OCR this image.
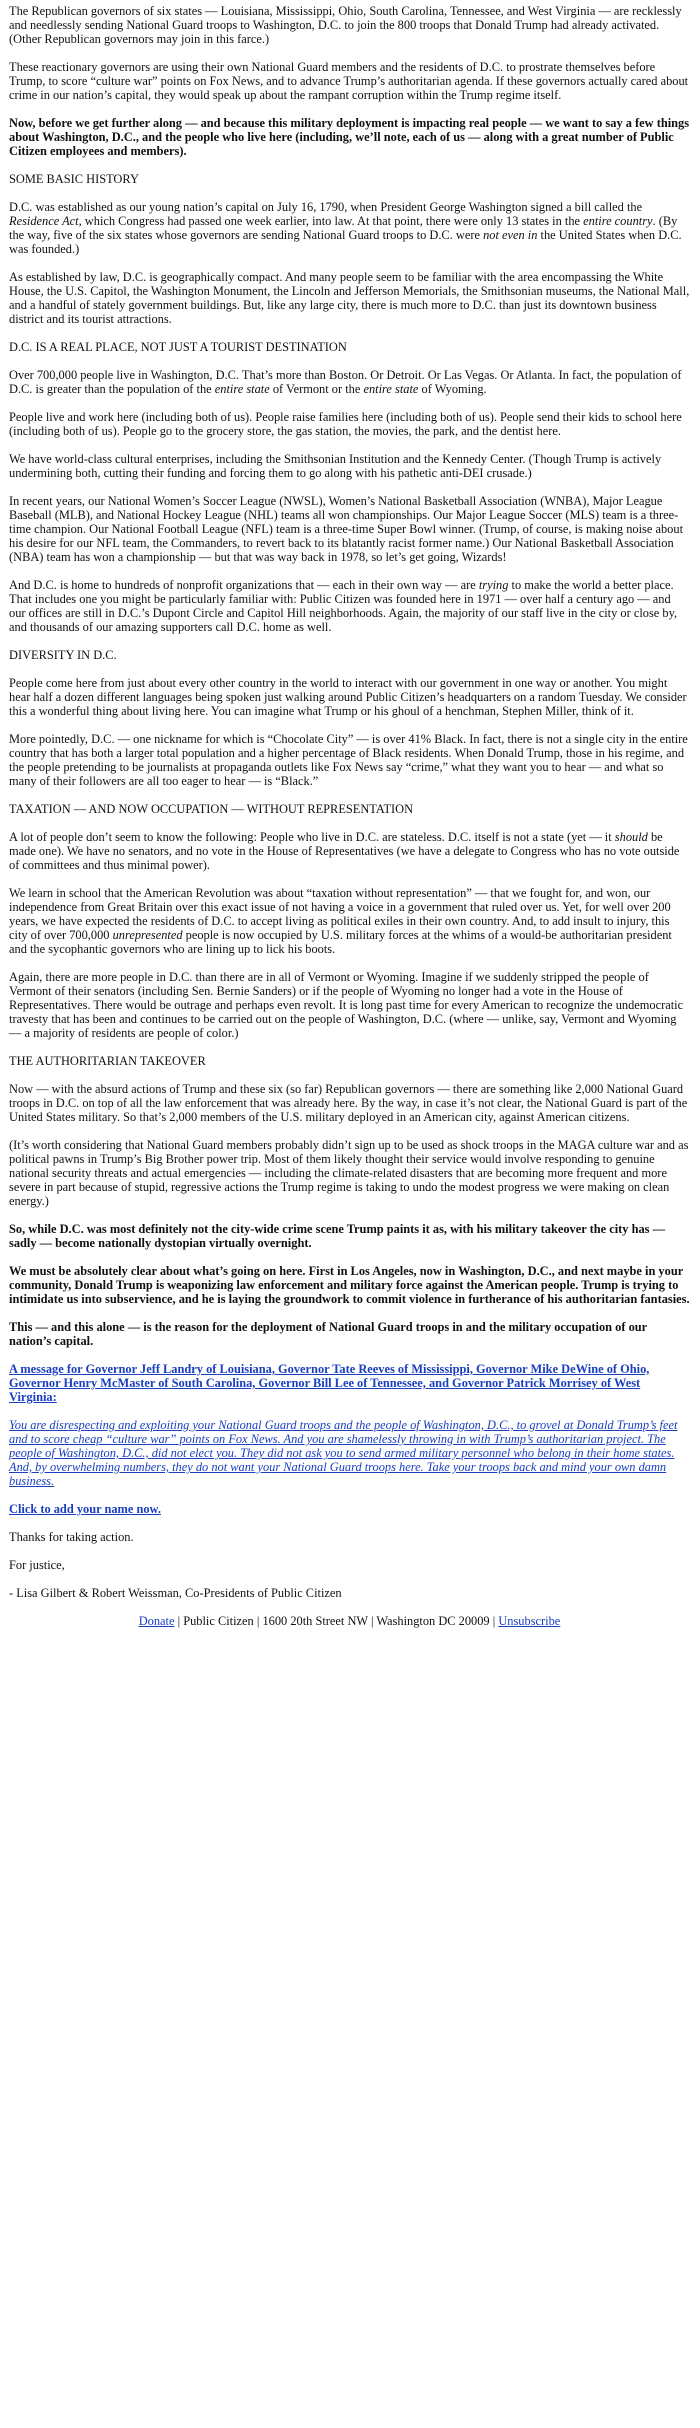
The Republican governors of six states — Louisiana, Mississippi, Ohio, South Carolina, Tennessee, and West Virginia — are recklessly and needlessly sending National Guard troops to Washington, D.C. to join the 800 troops that Donald Trump had already activated. (Other Republican governors may join in this farce.)

These reactionary governors are using their own National Guard members and the residents of D.C. to prostrate themselves before Trump, to score “culture war” points on Fox News, and to advance Trump’s authoritarian agenda. If these governors actually cared about crime in our nation’s capital, they would speak up about the rampant corruption within the Trump regime itself.

Now, before we get further along — and because this military deployment is impacting real people — we want to say a few things about Washington, D.C., and the people who live here (including, we’ll note, each of us — along with a great number of Public Citizen employees and members).

SOME BASIC HISTORY

D.C. was established as our young nation’s capital on July 16, 1790, when President George Washington signed a bill called the Residence Act, which Congress had passed one week earlier, into law. At that point, there were only 13 states in the entire country. (By the way, five of the six states whose governors are sending National Guard troops to D.C. were not even in the United States when D.C. was founded.)

As established by law, D.C. is geographically compact. And many people seem to be familiar with the area encompassing the White House, the U.S. Capitol, the Washington Monument, the Lincoln and Jefferson Memorials, the Smithsonian museums, the National Mall, and a handful of stately government buildings. But, like any large city, there is much more to D.C. than just its downtown business district and its tourist attractions.

D.C. IS A REAL PLACE, NOT JUST A TOURIST DESTINATION

Over 700,000 people live in Washington, D.C. That’s more than Boston. Or Detroit. Or Las Vegas. Or Atlanta. In fact, the population of D.C. is greater than the population of the entire state of Vermont or the entire state of Wyoming.

People live and work here (including both of us). People raise families here (including both of us). People send their kids to school here (including both of us). People go to the grocery store, the gas station, the movies, the park, and the dentist here.

We have world-class cultural enterprises, including the Smithsonian Institution and the Kennedy Center. (Though Trump is actively undermining both, cutting their funding and forcing them to go along with his pathetic anti-DEI crusade.)

In recent years, our National Women’s Soccer League (NWSL), Women’s National Basketball Association (WNBA), Major League Baseball (MLB), and National Hockey League (NHL) teams all won championships. Our Major League Soccer (MLS) team is a three-time champion. Our National Football League (NFL) team is a three-time Super Bowl winner. (Trump, of course, is making noise about his desire for our NFL team, the Commanders, to revert back to its blatantly racist former name.) Our National Basketball Association (NBA) team has won a championship — but that was way back in 1978, so let’s get going, Wizards!

And D.C. is home to hundreds of nonprofit organizations that — each in their own way — are trying to make the world a better place. That includes one you might be particularly familiar with: Public Citizen was founded here in 1971 — over half a century ago — and our offices are still in D.C.’s Dupont Circle and Capitol Hill neighborhoods. Again, the majority of our staff live in the city or close by, and thousands of our amazing supporters call D.C. home as well.

DIVERSITY IN D.C.

People come here from just about every other country in the world to interact with our government in one way or another. You might hear half a dozen different languages being spoken just walking around Public Citizen’s headquarters on a random Tuesday. We consider this a wonderful thing about living here. You can imagine what Trump or his ghoul of a henchman, Stephen Miller, think of it.

More pointedly, D.C. — one nickname for which is “Chocolate City” — is over 41% Black. In fact, there is not a single city in the entire country that has both a larger total population and a higher percentage of Black residents. When Donald Trump, those in his regime, and the people pretending to be journalists at propaganda outlets like Fox News say “crime,” what they want you to hear — and what so many of their followers are all too eager to hear — is “Black.”

TAXATION — AND NOW OCCUPATION — WITHOUT REPRESENTATION

A lot of people don’t seem to know the following: People who live in D.C. are stateless. D.C. itself is not a state (yet — it should be made one). We have no senators, and no vote in the House of Representatives (we have a delegate to Congress who has no vote outside of committees and thus minimal power).

We learn in school that the American Revolution was about “taxation without representation” — that we fought for, and won, our independence from Great Britain over this exact issue of not having a voice in a government that ruled over us. Yet, for well over 200 years, we have expected the residents of D.C. to accept living as political exiles in their own country. And, to add insult to injury, this city of over 700,000 unrepresented people is now occupied by U.S. military forces at the whims of a would-be authoritarian president and the sycophantic governors who are lining up to lick his boots.

Again, there are more people in D.C. than there are in all of Vermont or Wyoming. Imagine if we suddenly stripped the people of Vermont of their senators (including Sen. Bernie Sanders) or if the people of Wyoming no longer had a vote in the House of Representatives. There would be outrage and perhaps even revolt. It is long past time for every American to recognize the undemocratic travesty that has been and continues to be carried out on the people of Washington, D.C. (where — unlike, say, Vermont and Wyoming — a majority of residents are people of color.)

THE AUTHORITARIAN TAKEOVER

Now — with the absurd actions of Trump and these six (so far) Republican governors — there are something like 2,000 National Guard troops in D.C. on top of all the law enforcement that was already here. By the way, in case it’s not clear, the National Guard is part of the United States military. So that’s 2,000 members of the U.S. military deployed in an American city, against American citizens.

(It’s worth considering that National Guard members probably didn’t sign up to be used as shock troops in the MAGA culture war and as political pawns in Trump’s Big Brother power trip. Most of them likely thought their service would involve responding to genuine national security threats and actual emergencies — including the climate-related disasters that are becoming more frequent and more severe in part because of stupid, regressive actions the Trump regime is taking to undo the modest progress we were making on clean energy.)

So, while D.C. was most definitely not the city-wide crime scene Trump paints it as, with his military takeover the city has — sadly — become nationally dystopian virtually overnight.

We must be absolutely clear about what’s going on here. First in Los Angeles, now in Washington, D.C., and next maybe in your community, Donald Trump is weaponizing law enforcement and military force against the American people. Trump is trying to intimidate us into subservience, and he is laying the groundwork to commit violence in furtherance of his authoritarian fantasies.

This — and this alone — is the reason for the deployment of National Guard troops in and the military occupation of our nation’s capital.

A message for Governor Jeff Landry of Louisiana, Governor Tate Reeves of Mississippi, Governor Mike DeWine of Ohio, Governor Henry McMaster of South Carolina, Governor Bill Lee of Tennessee, and Governor Patrick Morrisey of West Virginia:

You are disrespecting and exploiting your National Guard troops and the people of Washington, D.C., to grovel at Donald Trump’s feet and to score cheap “culture war” points on Fox News. And you are shamelessly throwing in with Trump’s authoritarian project. The people of Washington, D.C., did not elect you. They did not ask you to send armed military personnel who belong in their home states. And, by overwhelming numbers, they do not want your National Guard troops here. Take your troops back and mind your own damn business.

Click to add your name now.

Thanks for taking action.

For justice,

- Lisa Gilbert & Robert Weissman, Co-Presidents of Public Citizen

Donate | Public Citizen | 1600 20th Street NW | Washington DC 20009 | Unsubscribe
